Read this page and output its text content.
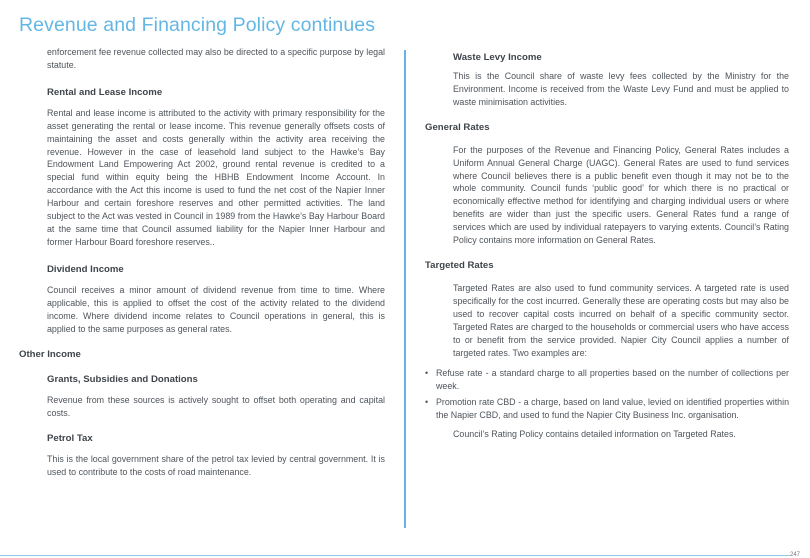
Revenue and Financing Policy continues

enforcement fee revenue collected may also be directed to a specific purpose by legal statute.

Rental and Lease Income

Rental and lease income is attributed to the activity with primary responsibility for the asset generating the rental or lease income. This revenue generally offsets costs of maintaining the asset and costs generally within the activity area receiving the revenue. However in the case of leasehold land subject to the Hawke’s Bay Endowment Land Empowering Act 2002, ground rental revenue is credited to a special fund within equity being the HBHB Endowment Income Account. In accordance with the Act this income is used to fund the net cost of the Napier Inner Harbour and certain foreshore reserves and other permitted activities. The land subject to the Act was vested in Council in 1989 from the Hawke’s Bay Harbour Board at the same time that Council assumed liability for the Napier Inner Harbour and former Harbour Board foreshore reserves..

Dividend Income

Council receives a minor amount of dividend revenue from time to time. Where applicable, this is applied to offset the cost of the activity related to the dividend income. Where dividend income relates to Council operations in general, this is applied to the same purposes as general rates.

Other Income

Grants, Subsidies and Donations

Revenue from these sources is actively sought to offset both operating and capital costs.

Petrol Tax

This is the local government share of the petrol tax levied by central government. It is used to contribute to the costs of road maintenance.

Waste Levy Income

This is the Council share of waste levy fees collected by the Ministry for the Environment. Income is received from the Waste Levy Fund and must be applied to waste minimisation activities.

General Rates

For the purposes of the Revenue and Financing Policy, General Rates includes a Uniform Annual General Charge (UAGC). General Rates are used to fund services where Council believes there is a public benefit even though it may not be to the whole community. Council funds ‘public good’ for which there is no practical or economically effective method for identifying and charging individual users or where benefits are wider than just the specific users. General Rates fund a range of services which are used by individual ratepayers to varying extents. Council’s Rating Policy contains more information on General Rates.

Targeted Rates

Targeted Rates are also used to fund community services. A targeted rate is used specifically for the cost incurred. Generally these are operating costs but may also be used to recover capital costs incurred on behalf of a specific community sector. Targeted Rates are charged to the households or commercial users who have access to or benefit from the service provided. Napier City Council applies a number of targeted rates. Two examples are:

• Refuse rate - a standard charge to all properties based on the number of collections per week.
• Promotion rate CBD - a charge, based on land value, levied on identified properties within the Napier CBD, and used to fund the Napier City Business Inc. organisation.

Council’s Rating Policy contains detailed information on Targeted Rates.

247
